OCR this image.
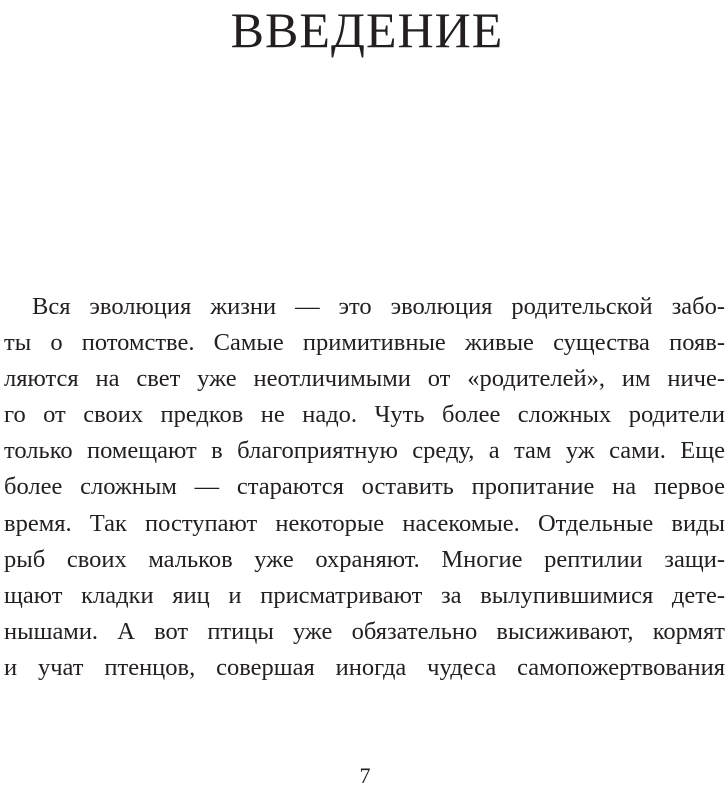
ВВЕДЕНИЕ
Вся эволюция жизни — это эволюция родительской забо-
ты о потомстве. Самые примитивные живые существа появ-
ляются на свет уже неотличимыми от «родителей», им ниче-
го от своих предков не надо. Чуть более сложных родители
только помещают в благоприятную среду, а там уж сами. Еще
более сложным — стараются оставить пропитание на первое
время. Так поступают некоторые насекомые. Отдельные виды
рыб своих мальков уже охраняют. Многие рептилии защи-
щают кладки яиц и присматривают за вылупившимися дете-
нышами. А вот птицы уже обязательно высиживают, кормят
и учат птенцов, совершая иногда чудеса самопожертвования
7
